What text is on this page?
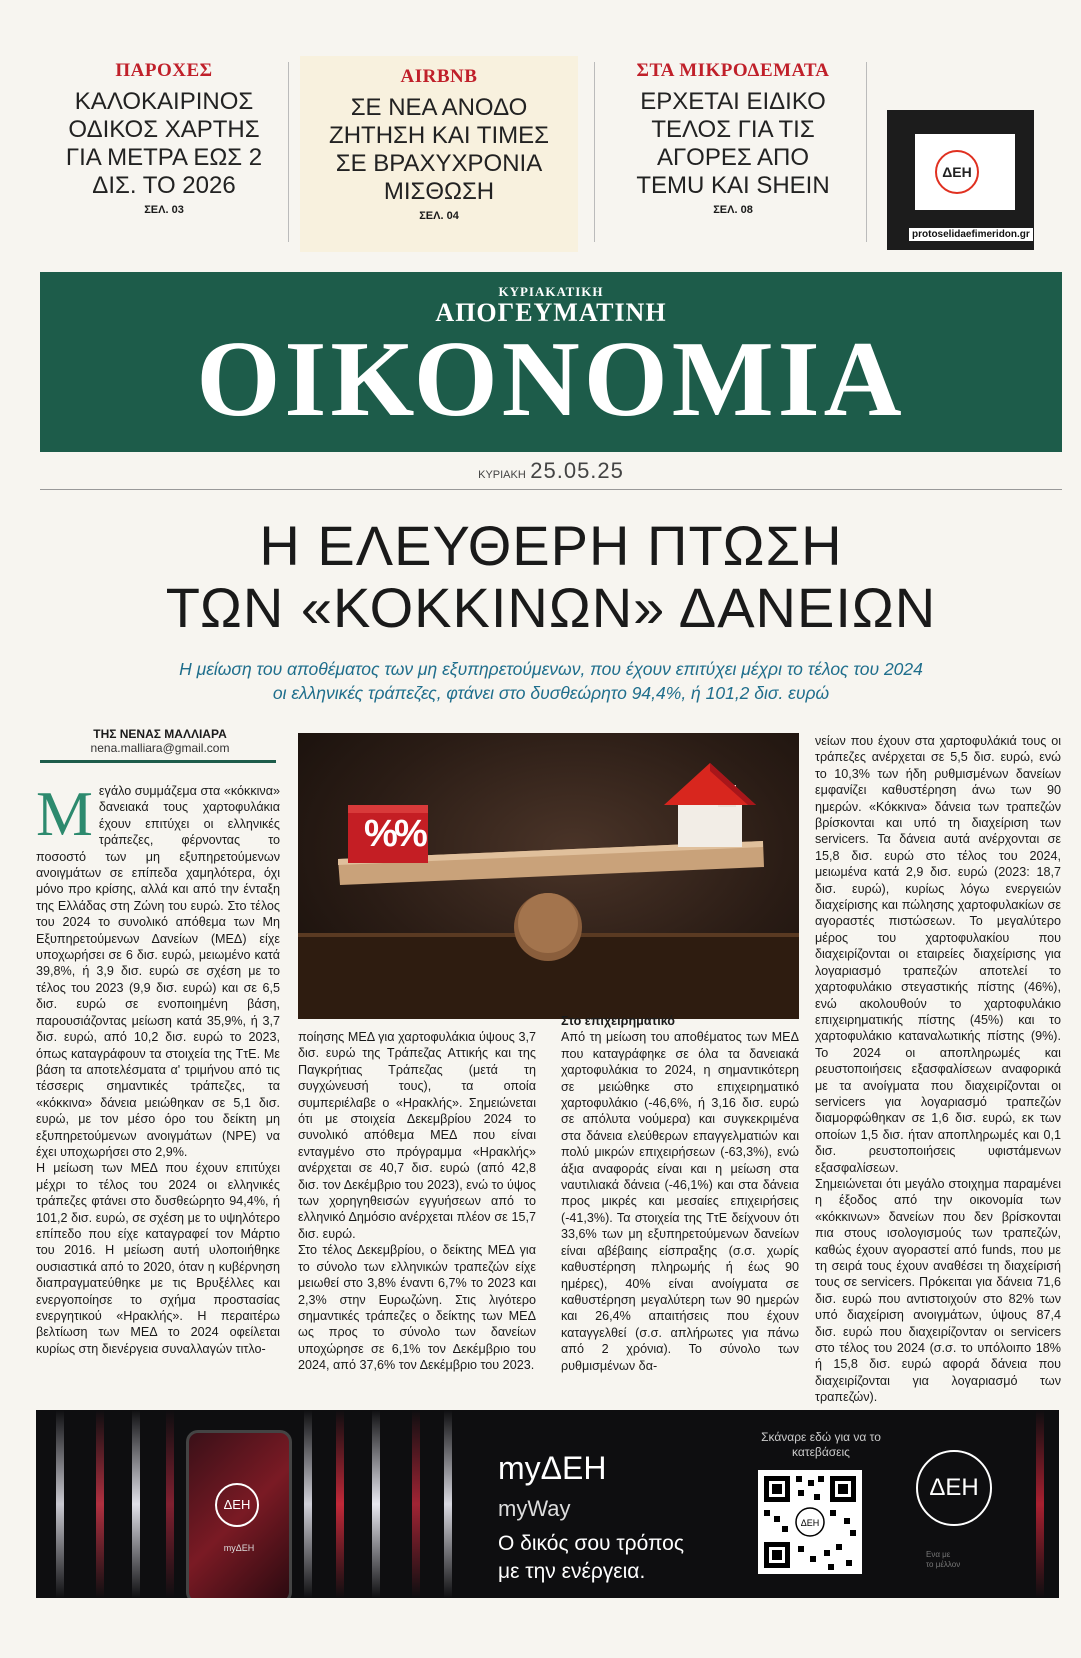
ΠΑΡΟΧΕΣ
ΚΑΛΟΚΑΙΡΙΝΟΣ ΟΔΙΚΟΣ ΧΑΡΤΗΣ ΓΙΑ ΜΕΤΡΑ ΕΩΣ 2 ΔΙΣ. ΤΟ 2026
ΣΕΛ. 03
AIRBNB
ΣΕ ΝΕΑ ΑΝΟΔΟ ΖΗΤΗΣΗ ΚΑΙ ΤΙΜΕΣ ΣΕ ΒΡΑΧΥΧΡΟΝΙΑ ΜΙΣΘΩΣΗ
ΣΕΛ. 04
ΣΤΑ ΜΙΚΡΟΔΕΜΑΤΑ
ΕΡΧΕΤΑΙ ΕΙΔΙΚΟ ΤΕΛΟΣ ΓΙΑ ΤΙΣ ΑΓΟΡΕΣ ΑΠΟ TEMU ΚΑΙ SHEIN
ΣΕΛ. 08
ΔΕΗ
protoselidaefimeridon.gr
ΚΥΡΙΑΚΑΤΙΚΗ
ΑΠΟΓΕΥΜΑΤΙΝΗ
ΟΙΚΟΝΟΜΙΑ
ΚΥΡΙΑΚΗ 25.05.25
Η ΕΛΕΥΘΕΡΗ ΠΤΩΣΗ
ΤΩΝ «ΚΟΚΚΙΝΩΝ» ΔΑΝΕΙΩΝ
Η μείωση του αποθέματος των μη εξυπηρετούμενων, που έχουν επιτύχει μέχρι το τέλος του 2024
οι ελληνικές τράπεζες, φτάνει στο δυσθεώρητο 94,4%, ή 101,2 δισ. ευρώ
ΤΗΣ ΝΕΝΑΣ ΜΑΛΛΙΑΡΑ
nena.malliara@gmail.com
Μ εγάλο συμμάζεμα στα «κόκκινα» δανειακά τους χαρτοφυλάκια έχουν επιτύχει οι ελληνικές τράπεζες, φέρνοντας το ποσοστό των μη εξυπηρετούμενων ανοιγμάτων σε επίπεδα χαμηλότερα, όχι μόνο προ κρίσης, αλλά και από την ένταξη της Ελλάδας στη Ζώνη του ευρώ. Στο τέλος του 2024 το συνολικό απόθεμα των Μη Εξυπηρετούμενων Δανείων (ΜΕΔ) είχε υποχωρήσει σε 6 δισ. ευρώ, μειωμένο κατά 39,8%, ή 3,9 δισ. ευρώ σε σχέση με το τέλος του 2023 (9,9 δισ. ευρώ) και σε 6,5 δισ. ευρώ σε ενοποιημένη βάση, παρουσιάζοντας μείωση κατά 35,9%, ή 3,7 δισ. ευρώ, από 10,2 δισ. ευρώ το 2023, όπως καταγράφουν τα στοιχεία της ΤτΕ. Με βάση τα αποτελέσματα α' τριμήνου από τις τέσσερις σημαντικές τράπεζες, τα «κόκκινα» δάνεια μειώθηκαν σε 5,1 δισ. ευρώ, με τον μέσο όρο του δείκτη μη εξυπηρετούμενων ανοιγμάτων (NPE) να έχει υποχωρήσει στο 2,9%.

Η μείωση των ΜΕΔ που έχουν επιτύχει μέχρι το τέλος του 2024 οι ελληνικές τράπεζες φτάνει στο δυσθεώρητο 94,4%, ή 101,2 δισ. ευρώ, σε σχέση με το υψηλότερο επίπεδο που είχε καταγραφεί τον Μάρτιο του 2016. Η μείωση αυτή υλοποιήθηκε ουσιαστικά από το 2020, όταν η κυβέρνηση διαπραγματεύθηκε με τις Βρυξέλλες και ενεργοποίησε το σχήμα προστασίας ενεργητικού «Ηρακλής». Η περαιτέρω βελτίωση των ΜΕΔ το 2024 οφείλεται κυρίως στη διενέργεια συναλλαγών τιτλο-

%
%

ποίησης ΜΕΔ για χαρτοφυλάκια ύψους 3,7 δισ. ευρώ της Τράπεζας Αττικής και της Παγκρήτιας Τράπεζας (μετά τη συγχώνευσή τους), τα οποία συμπεριέλαβε ο «Ηρακλής». Σημειώνεται ότι με στοιχεία Δεκεμβρίου 2024 το συνολικό απόθεμα ΜΕΔ που είναι ενταγμένο στο πρόγραμμα «Ηρακλής» ανέρχεται σε 40,7 δισ. ευρώ (από 42,8 δισ. τον Δεκέμβριο του 2023), ενώ το ύψος των χορηγηθεισών εγγυήσεων από το ελληνικό Δημόσιο ανέρχεται πλέον σε 15,7 δισ. ευρώ.

Στο τέλος Δεκεμβρίου, ο δείκτης ΜΕΔ για το σύνολο των ελληνικών τραπεζών είχε μειωθεί στο 3,8% έναντι 6,7% το 2023 και 2,3% στην Ευρωζώνη. Στις λιγότερο σημαντικές τράπεζες ο δείκτης των ΜΕΔ ως προς το σύνολο των δανείων υποχώρησε σε 6,1% τον Δεκέμβριο του 2024, από 37,6% τον Δεκέμβριο του 2023.

Στο επιχειρηματικό

Από τη μείωση του αποθέματος των ΜΕΔ που καταγράφηκε σε όλα τα δανειακά χαρτοφυλάκια το 2024, η σημαντικότερη σε μειώθηκε στο επιχειρηματικό χαρτοφυλάκιο (-46,6%, ή 3,16 δισ. ευρώ σε απόλυτα νούμερα) και συγκεκριμένα στα δάνεια ελεύθερων επαγγελματιών και πολύ μικρών επιχειρήσεων (-63,3%), ενώ άξια αναφοράς είναι και η μείωση στα ναυτιλιακά δάνεια (-46,1%) και στα δάνεια προς μικρές και μεσαίες επιχειρήσεις (-41,3%). Τα στοιχεία της ΤτΕ δείχνουν ότι 33,6% των μη εξυπηρετούμενων δανείων είναι αβέβαιης είσπραξης (σ.σ. χωρίς καθυστέρηση πληρωμής ή έως 90 ημέρες), 40% είναι ανοίγματα σε καθυστέρηση μεγαλύτερη των 90 ημερών και 26,4% απαιτήσεις που έχουν καταγγελθεί (σ.σ. απλήρωτες για πάνω από 2 χρόνια). Το σύνολο των ρυθμισμένων δα-

νείων που έχουν στα χαρτοφυλάκιά τους οι τράπεζες ανέρχεται σε 5,5 δισ. ευρώ, ενώ το 10,3% των ήδη ρυθμισμένων δανείων εμφανίζει καθυστέρηση άνω των 90 ημερών. «Κόκκινα» δάνεια των τραπεζών βρίσκονται και υπό τη διαχείριση των servicers. Τα δάνεια αυτά ανέρχονται σε 15,8 δισ. ευρώ στο τέλος του 2024, μειωμένα κατά 2,9 δισ. ευρώ (2023: 18,7 δισ. ευρώ), κυρίως λόγω ενεργειών διαχείρισης και πώλησης χαρτοφυλακίων σε αγοραστές πιστώσεων. Το μεγαλύτερο μέρος του χαρτοφυλακίου που διαχειρίζονται οι εταιρείες διαχείρισης για λογαριασμό τραπεζών αποτελεί το χαρτοφυλάκιο στεγαστικής πίστης (46%), ενώ ακολουθούν το χαρτοφυλάκιο επιχειρηματικής πίστης (45%) και το χαρτοφυλάκιο καταναλωτικής πίστης (9%). Το 2024 οι αποπληρωμές και ρευστοποιήσεις εξασφαλίσεων αναφορικά με τα ανοίγματα που διαχειρίζονται οι servicers για λογαριασμό τραπεζών διαμορφώθηκαν σε 1,6 δισ. ευρώ, εκ των οποίων 1,5 δισ. ήταν αποπληρωμές και 0,1 δισ. ρευστοποιήσεις υφιστάμενων εξασφαλίσεων.

Σημειώνεται ότι μεγάλο στοιχημα παραμένει η έξοδος από την οικονομία των «κόκκινων» δανείων που δεν βρίσκονται πια στους ισολογισμούς των τραπεζών, καθώς έχουν αγοραστεί από funds, που με τη σειρά τους έχουν αναθέσει τη διαχείρισή τους σε servicers. Πρόκειται για δάνεια 71,6 δισ. ευρώ που αντιστοιχούν στο 82% των υπό διαχείριση ανοιγμάτων, ύψους 87,4 δισ. ευρώ που διαχειρίζονταν οι servicers στο τέλος του 2024 (σ.σ. το υπόλοιπο 18% ή 15,8 δισ. ευρώ αφορά δάνεια που διαχειρίζονται για λογαριασμό των τραπεζών).

ΔΕΗ
myΔΕΗ
myΔΕΗ
myWay
Ο δικός σου τρόπος
με την ενέργεια.
Σκάναρε εδώ για να το κατεβάσεις
ΔΕΗ
ΔΕΗ
Ενα με
το μέλλον
